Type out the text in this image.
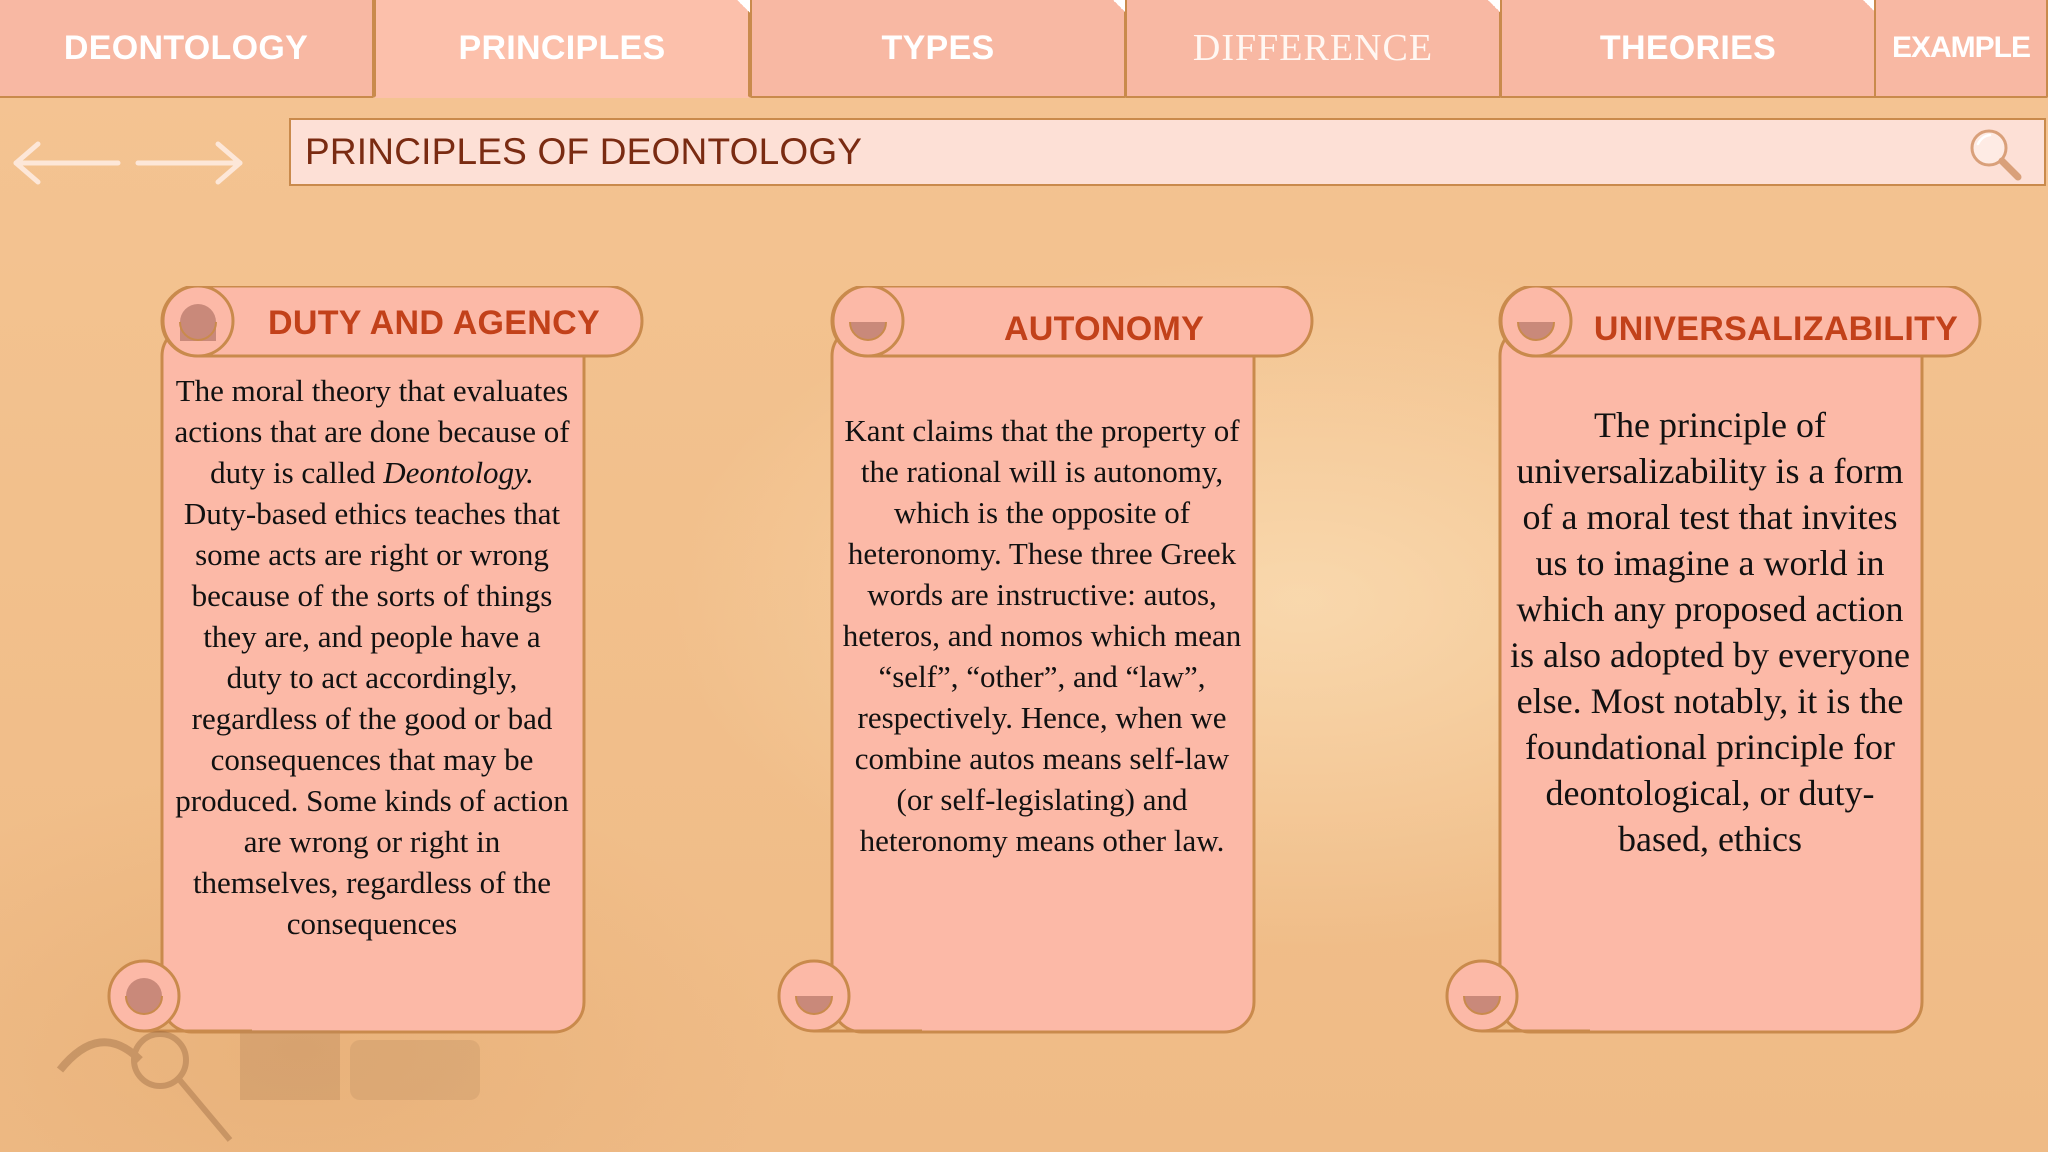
DEONTOLOGY	PRINCIPLES	TYPES	DIFFERENCE	THEORIES	EXAMPLE
PRINCIPLES OF DEONTOLOGY
DUTY AND AGENCY
The moral theory that evaluates actions that are done because of duty is called Deontology. Duty-based ethics teaches that some acts are right or wrong because of the sorts of things they are, and people have a duty to act accordingly, regardless of the good or bad consequences that may be produced. Some kinds of action are wrong or right in themselves, regardless of the consequences
AUTONOMY
Kant claims that the property of the rational will is autonomy, which is the opposite of heteronomy. These three Greek words are instructive: autos, heteros, and nomos which mean “self”, “other”, and “law”, respectively. Hence, when we combine autos means self-law (or self-legislating) and heteronomy means other law.
UNIVERSALIZABILITY
The principle of universalizability is a form of a moral test that invites us to imagine a world in which any proposed action is also adopted by everyone else. Most notably, it is the foundational principle for deontological, or duty-based, ethics
